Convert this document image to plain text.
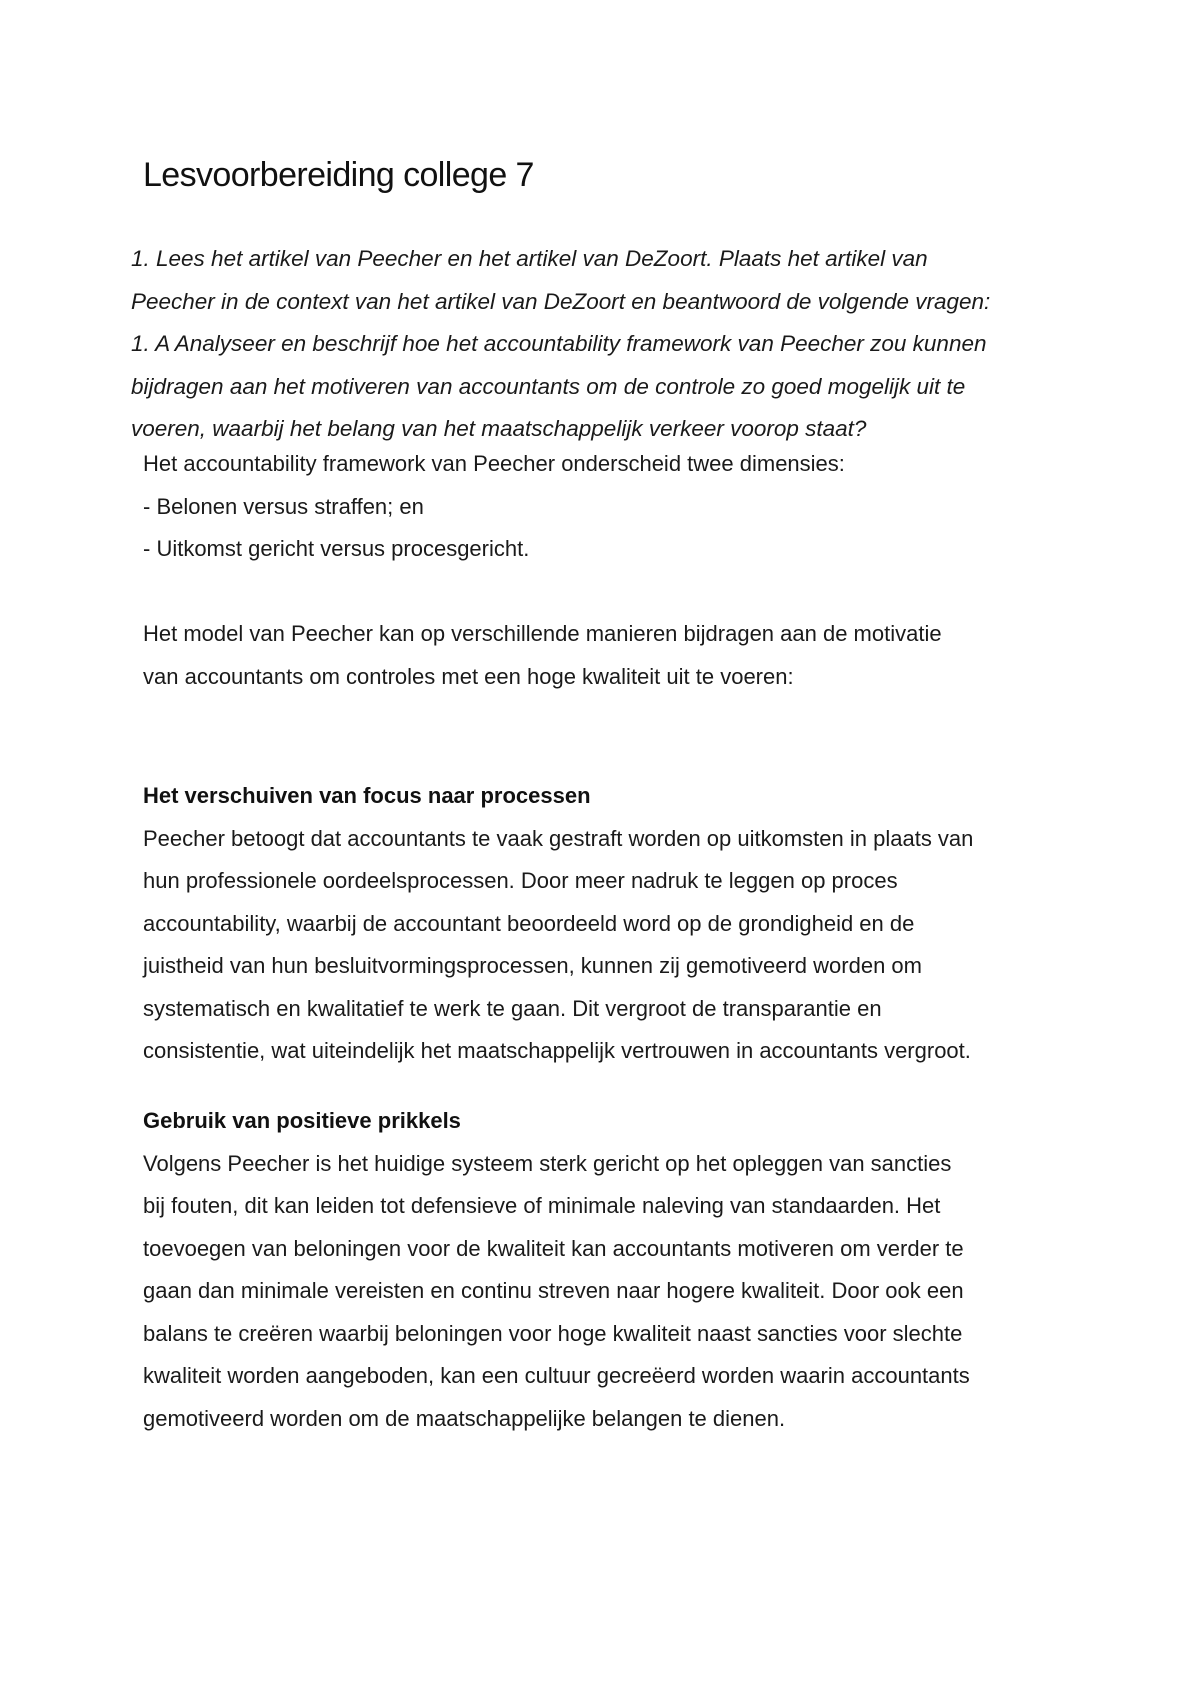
Lesvoorbereiding college 7
1. Lees het artikel van Peecher en het artikel van DeZoort. Plaats het artikel van
Peecher in de context van het artikel van DeZoort en beantwoord de volgende vragen:
1. A Analyseer en beschrijf hoe het accountability framework van Peecher zou kunnen
bijdragen aan het motiveren van accountants om de controle zo goed mogelijk uit te
voeren, waarbij het belang van het maatschappelijk verkeer voorop staat?
Het accountability framework van Peecher onderscheid twee dimensies:
- Belonen versus straffen; en
- Uitkomst gericht versus procesgericht.
Het model van Peecher kan op verschillende manieren bijdragen aan de motivatie
van accountants om controles met een hoge kwaliteit uit te voeren:
Het verschuiven van focus naar processen
Peecher betoogt dat accountants te vaak gestraft worden op uitkomsten in plaats van
hun professionele oordeelsprocessen. Door meer nadruk te leggen op proces
accountability, waarbij de accountant beoordeeld word op de grondigheid en de
juistheid van hun besluitvormingsprocessen, kunnen zij gemotiveerd worden om
systematisch en kwalitatief te werk te gaan. Dit vergroot de transparantie en
consistentie, wat uiteindelijk het maatschappelijk vertrouwen in accountants vergroot.
Gebruik van positieve prikkels
Volgens Peecher is het huidige systeem sterk gericht op het opleggen van sancties
bij fouten, dit kan leiden tot defensieve of minimale naleving van standaarden. Het
toevoegen van beloningen voor de kwaliteit kan accountants motiveren om verder te
gaan dan minimale vereisten en continu streven naar hogere kwaliteit. Door ook een
balans te creëren waarbij beloningen voor hoge kwaliteit naast sancties voor slechte
kwaliteit worden aangeboden, kan een cultuur gecreëerd worden waarin accountants
gemotiveerd worden om de maatschappelijke belangen te dienen.
